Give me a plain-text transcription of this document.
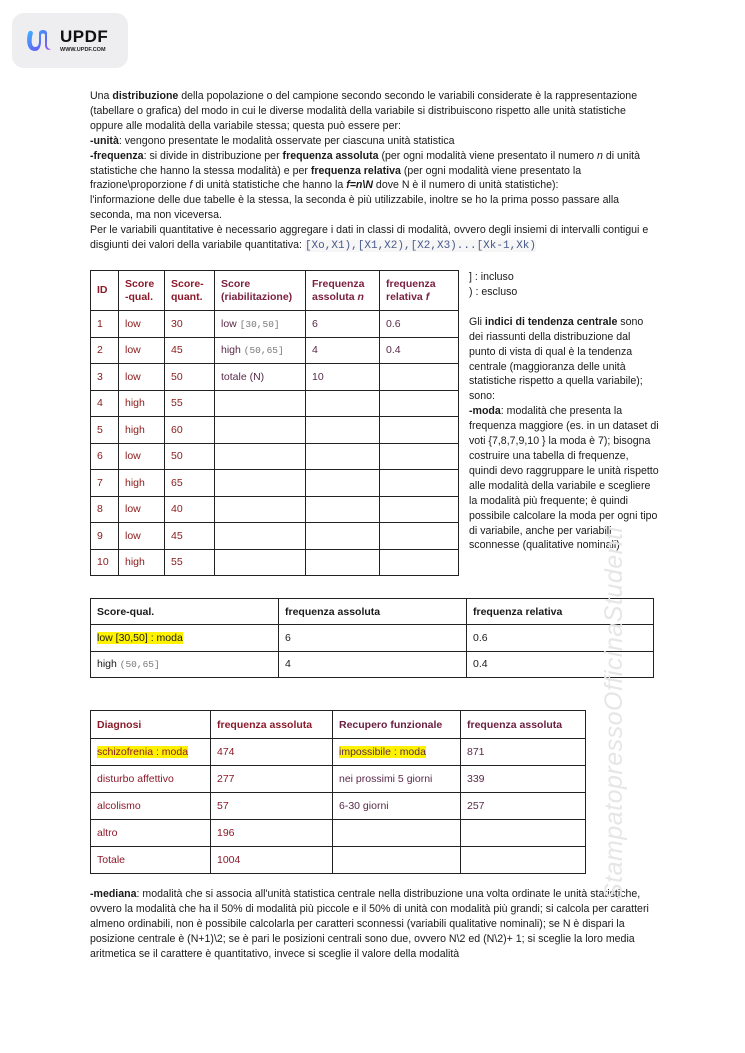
UPDF
WWW.UPDF.COM

Una distribuzione della popolazione o del campione secondo secondo le variabili considerate è la rappresentazione (tabellare o grafica) del modo in cui le diverse modalità della variabile si distribuiscono rispetto alle unità statistiche oppure alle modalità della variabile stessa; questa può essere per:

-unità: vengono presentate le modalità osservate per ciascuna unità statistica

-frequenza: si divide in distribuzione per frequenza assoluta (per ogni modalità viene presentato il numero n di unità statistiche che hanno la stessa modalità) e per frequenza relativa (per ogni modalità viene presentato la frazione\proporzione f di unità statistiche che hanno la f=n\N dove N è il numero di unità statistiche):

l'informazione delle due tabelle è la stessa, la seconda è più utilizzabile, inoltre se ho la prima posso passare alla seconda, ma non viceversa.

Per le variabili quantitative è necessario aggregare i dati in classi di modalità, ovvero degli insiemi di intervalli contigui e disgiunti dei valori della variabile quantitativa: [Xo,X1),[X1,X2),[X2,X3)...[Xk-1,Xk)

ID	Score -qual.	Score-quant.	Score (riabilitazione)	Frequenza assoluta n	frequenza relativa f
1	low	30	low [30,50]	6	0.6
2	low	45	high (50,65]	4	0.4
3	low	50	totale (N)	10	
4	high	55			
5	high	60			
6	low	50			
7	high	65			
8	low	40			
9	low	45			
10	high	55			

] : incluso

) : escluso

Gli indici di tendenza centrale sono dei riassunti della distribuzione dal punto di vista di qual è la tendenza centrale (maggioranza delle unità statistiche rispetto a quella variabile); sono:

-moda: modalità che presenta la frequenza maggiore (es. in un dataset di voti {7,8,7,9,10 } la moda è 7); bisogna costruire una tabella di frequenze, quindi devo raggruppare le unità rispetto alle modalità della variabile e scegliere la modalità più frequente; è quindi possibile calcolare la moda per ogni tipo di variabile, anche per variabili sconnesse (qualitative nominali)

Score-qual.	frequenza assoluta	frequenza relativa
low [30,50] : moda	6	0.6
high (50,65]	4	0.4
Diagnosi	frequenza assoluta	Recupero funzionale	frequenza assoluta
schizofrenia : moda	474	impossibile : moda	871
disturbo affettivo	277	nei prossimi 5 giorni	339
alcolismo	57	6-30 giorni	257
altro	196		
Totale	1004		

-mediana: modalità che si associa all'unità statistica centrale nella distribuzione una volta ordinate le unità statistiche, ovvero la modalità che ha il 50% di modalità più piccole e il 50% di unità con modalità più grandi; si calcola per caratteri almeno ordinabili, non è possibile calcolarla per caratteri sconnessi (variabili qualitative nominali); se N è dispari la posizione centrale è (N+1)\2; se è pari le posizioni centrali sono due, ovvero N\2 ed (N\2)+ 1; si sceglie la loro media aritmetica se il carattere è quantitativo, invece si sceglie il valore della modalità

StampatopressoOfficinaStudenti
